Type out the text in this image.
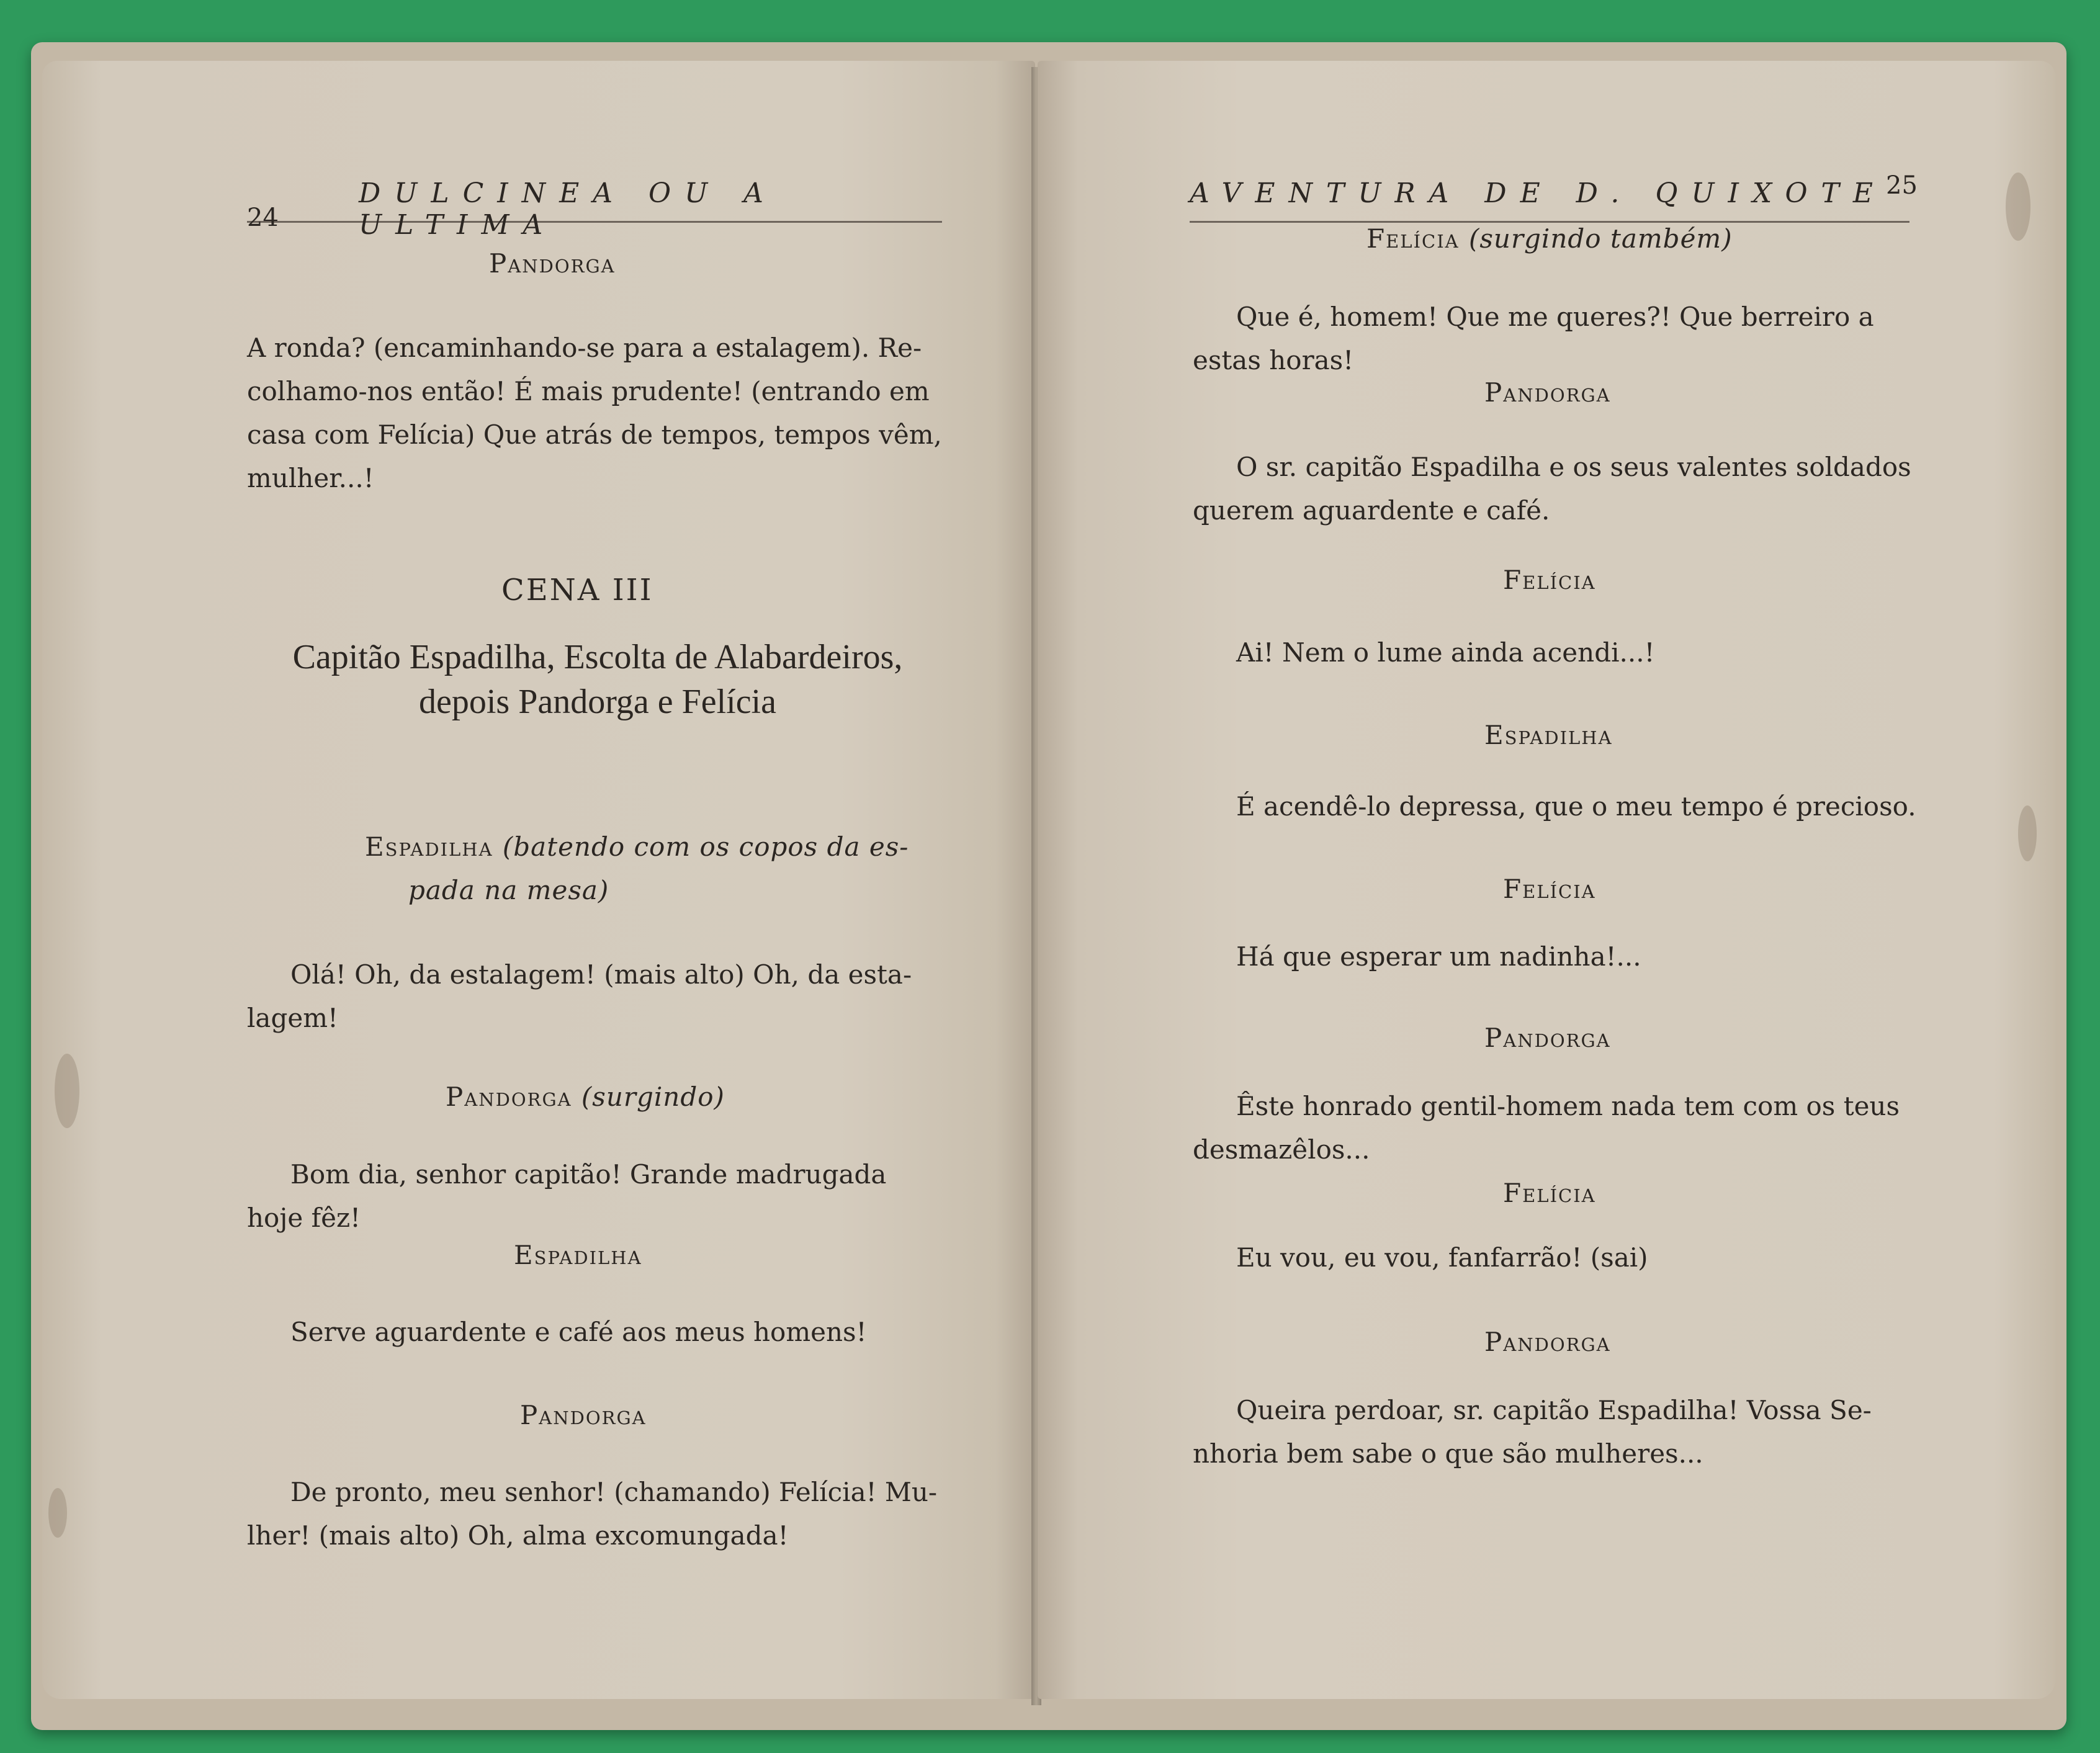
DULCINEA OU A ULTIMA
24
Pandorga
A ronda? (encaminhando-se para a estalagem). Re-
colhamo-nos então! É mais prudente! (entrando em
casa com Felícia) Que atrás de tempos, tempos vêm,
mulher...!
CENA III
Capitão Espadilha, Escolta de Alabardeiros,
depois Pandorga e Felícia
Espadilha (batendo com os copos da es-
pada na mesa)
Olá! Oh, da estalagem! (mais alto) Oh, da esta-
lagem!
Pandorga (surgindo)
Bom dia, senhor capitão! Grande madrugada
hoje fêz!
Espadilha
Serve aguardente e café aos meus homens!
Pandorga
De pronto, meu senhor! (chamando) Felícia! Mu-
lher! (mais alto) Oh, alma excomungada!
AVENTURA DE D. QUIXOTE 25
Felícia (surgindo também)
Que é, homem! Que me queres?! Que berreiro a
estas horas!
Pandorga
O sr. capitão Espadilha e os seus valentes soldados
querem aguardente e café.
Felícia
Ai! Nem o lume ainda acendi...!
Espadilha
É acendê-lo depressa, que o meu tempo é precioso.
Felícia
Há que esperar um nadinha!...
Pandorga
Êste honrado gentil-homem nada tem com os teus
desmazêlos...
Felícia
Eu vou, eu vou, fanfarrão! (sai)
Pandorga
Queira perdoar, sr. capitão Espadilha! Vossa Se-
nhoria bem sabe o que são mulheres...
